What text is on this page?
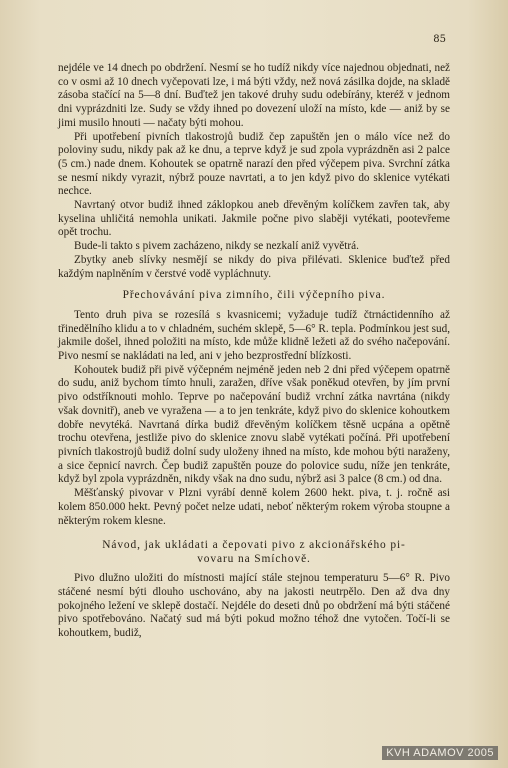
85

nejdéle ve 14 dnech po obdržení. Nesmí se ho tudíž nikdy více najednou objednati, než co v osmi až 10 dnech vyčepovati lze, i má býti vždy, než nová zásilka dojde, na skladě zásoba stačící na 5—8 dní. Buďtež jen takové druhy sudu odebírány, kteréž v jednom dni vyprázdniti lze. Sudy se vždy ihned po dovezení uloží na místo, kde — aniž by se jimi musilo hnouti — načaty býti mohou.

Při upotřebení pivních tlakostrojů budiž čep zapuštěn jen o málo více než do poloviny sudu, nikdy pak až ke dnu, a teprve když je sud zpola vyprázdněn asi 2 palce (5 cm.) nade dnem. Kohoutek se opatrně narazí den před výčepem piva. Svrchní zátka se nesmí nikdy vyrazit, nýbrž pouze navrtati, a to jen když pivo do sklenice vytékati nechce.

Navrtaný otvor budiž ihned záklopkou aneb dřevěným kolíčkem zavřen tak, aby kyselina uhličitá nemohla unikati. Jakmile počne pivo slaběji vytékati, pootevřeme opět trochu.

Bude-li takto s pivem zacházeno, nikdy se nezkalí aniž vyvětrá.

Zbytky aneb slívky nesmějí se nikdy do piva přilévati. Sklenice buďtež před každým naplněním v čerstvé vodě vypláchnuty.

Přechovávání piva zimního, čili výčepního piva.

Tento druh piva se rozesílá s kvasnicemi; vyžaduje tudíž čtrnáctidenního až třinedělního klidu a to v chladném, suchém sklepě, 5—6° R. tepla. Podmínkou jest sud, jakmile došel, ihned položiti na místo, kde může klidně ležeti až do svého načepování. Pivo nesmí se nakládati na led, ani v jeho bezprostřední blízkosti.

Kohoutek budiž při pivě výčepném nejméně jeden neb 2 dni před výčepem opatrně do sudu, aniž bychom tímto hnuli, zaražen, dříve však poněkud otevřen, by jím první pivo odstříknouti mohlo. Teprve po načepování budiž vrchní zátka navrtána (nikdy však dovnitř), aneb ve vyražena — a to jen tenkráte, když pivo do sklenice kohoutkem dobře nevytéká. Navrtaná dírka budiž dřevěným kolíčkem těsně ucpána a opětně trochu otevřena, jestliže pivo do sklenice znovu slabě vytékati počíná. Při upotřebení pivních tlakostrojů budiž dolní sudy uloženy ihned na místo, kde mohou býti naraženy, a sice čepnicí navrch. Čep budiž zapuštěn pouze do polovice sudu, níže jen tenkráte, když byl zpola vyprázdněn, nikdy však na dno sudu, nýbrž asi 3 palce (8 cm.) od dna.

Měšťanský pivovar v Plzni vyrábí denně kolem 2600 hekt. piva, t. j. ročně asi kolem 850.000 hekt. Pevný počet nelze udati, neboť některým rokem výroba stoupne a některým rokem klesne.

Návod, jak ukládati a čepovati pivo z akcionářského pi-
vovaru na Smíchově.

Pivo dlužno uložiti do místnosti mající stále stejnou temperaturu 5—6° R. Pivo stáčené nesmí býti dlouho uschováno, aby na jakosti neutrpělo. Den až dva dny pokojného ležení ve sklepě dostačí. Nejdéle do deseti dnů po obdržení má býti stáčené pivo spotřebováno. Načatý sud má býti pokud možno téhož dne vytočen. Točí-li se kohoutkem, budiž,

KVH ADAMOV 2005
